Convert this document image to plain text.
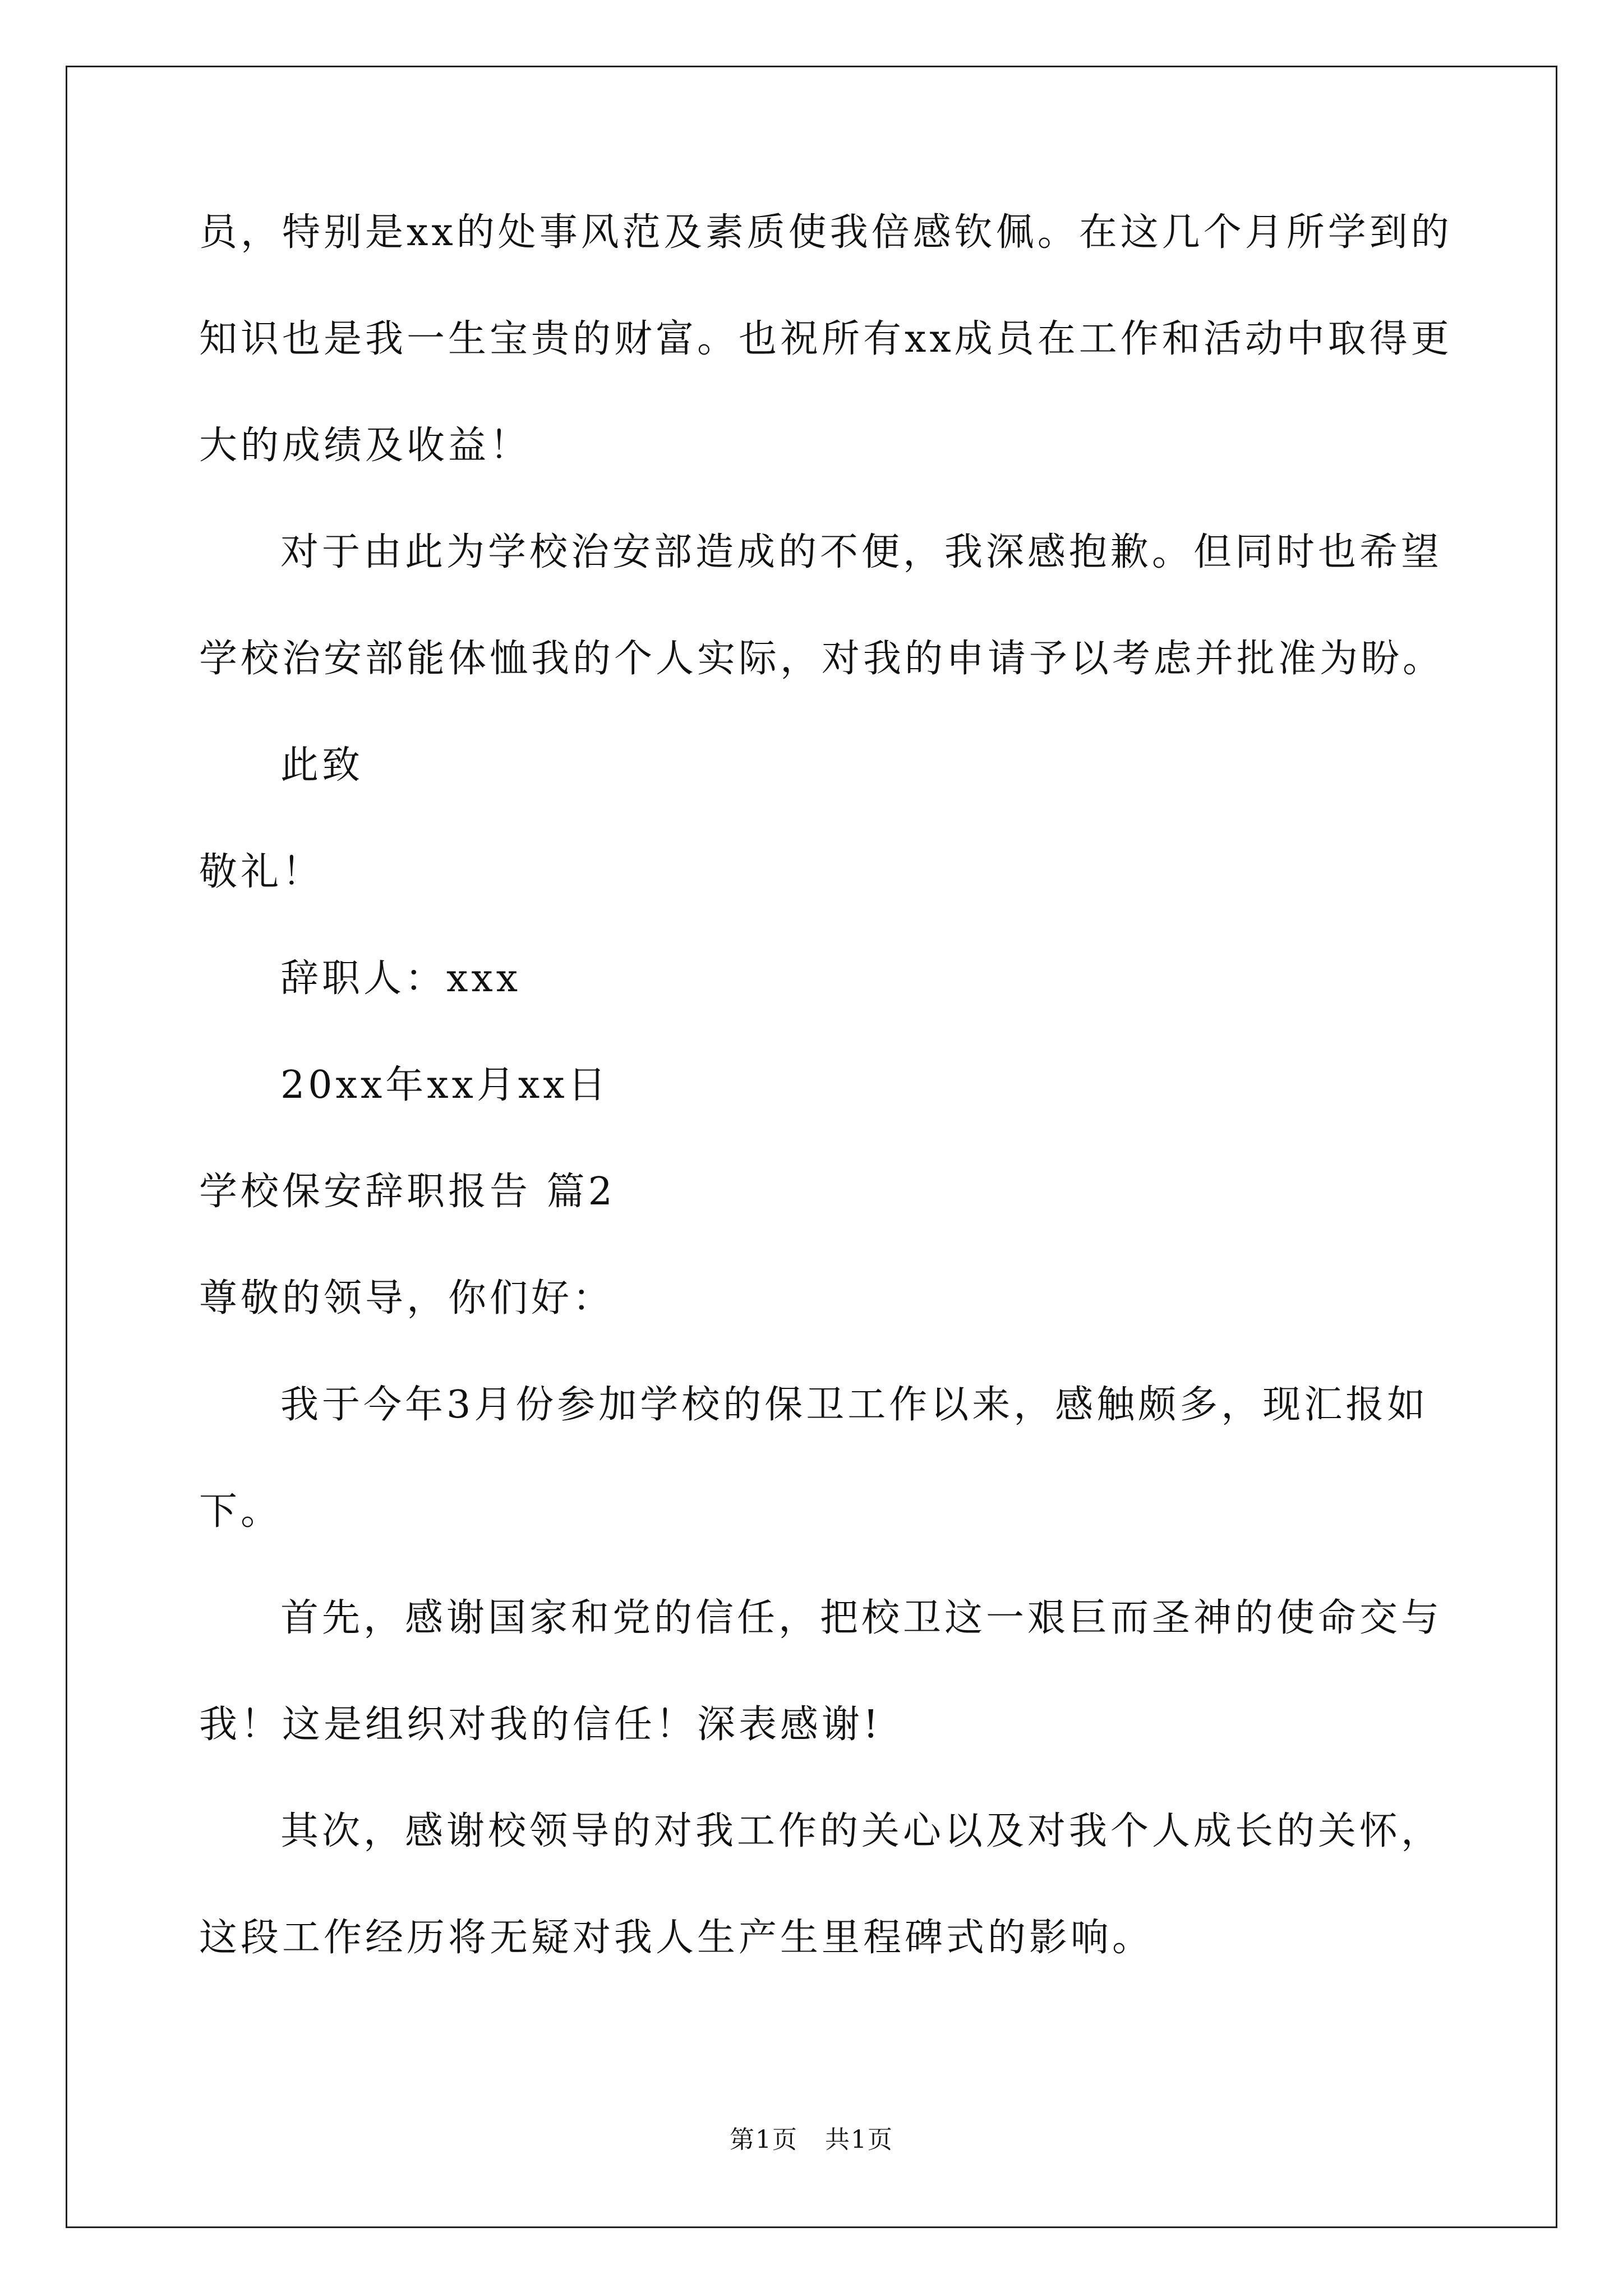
员，特别是xx的处事风范及素质使我倍感钦佩。在这几个月所学到的
知识也是我一生宝贵的财富。也祝所有xx成员在工作和活动中取得更
大的成绩及收益！
对于由此为学校治安部造成的不便，我深感抱歉。但同时也希望
学校治安部能体恤我的个人实际，对我的申请予以考虑并批准为盼。
此致
敬礼！
辞职人：xxx
20xx年xx月xx日
学校保安辞职报告 篇2
尊敬的领导，你们好：
我于今年3月份参加学校的保卫工作以来，感触颇多，现汇报如
下。
首先，感谢国家和党的信任，把校卫这一艰巨而圣神的使命交与
我！这是组织对我的信任！深表感谢!
其次，感谢校领导的对我工作的关心以及对我个人成长的关怀，
这段工作经历将无疑对我人生产生里程碑式的影响。
第1页   共1页
